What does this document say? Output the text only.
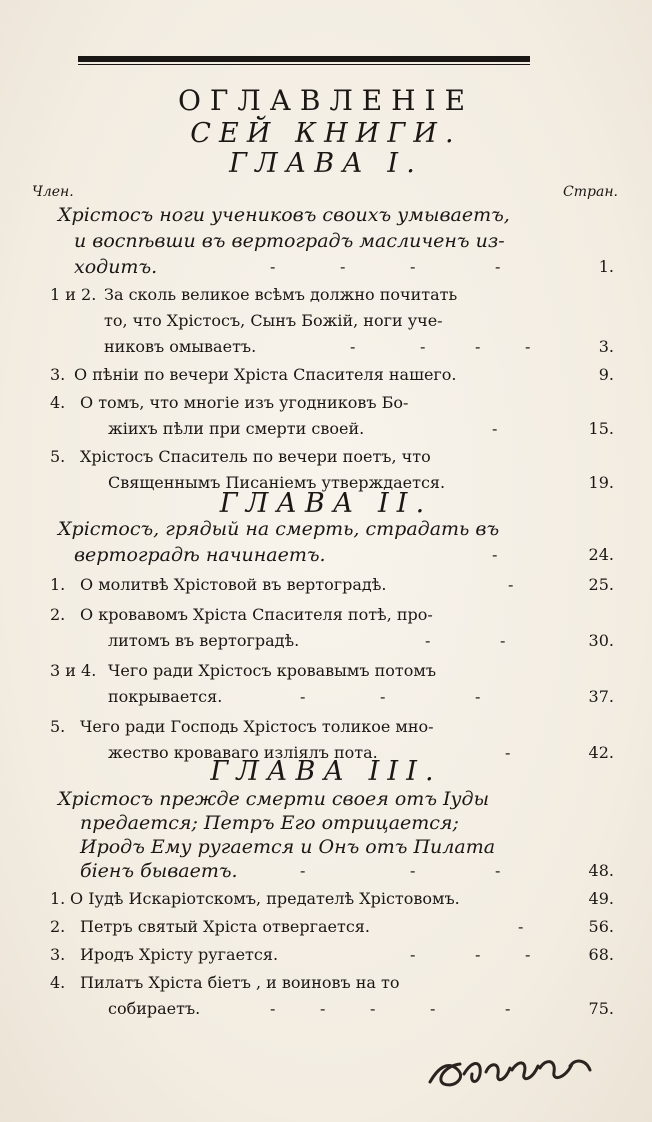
ОГЛАВЛЕНІЕ
СЕЙ КНИГИ.
ГЛАВА І.
Член.	Стран.
Хрістосъ ноги учениковъ своихъ умываетъ,
и воспѣвши въ вертоградъ масличенъ из-
ходитъ.	-	-	-	-	1.
1 и 2. За сколь великое всѣмъ должно почитать
то, что Хрістосъ, Сынъ Божій, ноги уче-
никовъ омываетъ.	-	-	-	-	3.
3. О пѣніи по вечери Хріста Спасителя нашего.	9.
4. О томъ, что многіе изъ угодниковъ Бо-
жіихъ пѣли при смерти своей.	-	15.
5. Хрістосъ Спаситель по вечери поетъ, что
Священнымъ Писаніемъ утверждается.	19.
ГЛАВА II.
Хрістосъ, грядый на смерть, страдать въ
вертоградѣ начинаетъ.	-	24.
1. О молитвѣ Хрістовой въ вертоградѣ.	-	25.
2. О кровавомъ Хріста Спасителя потѣ, про-
литомъ въ вертоградѣ.	-	-	30.
3 и 4. Чего ради Хрістосъ кровавымъ потомъ
покрывается.	-	-	-	37.
5. Чего ради Господь Хрістосъ толикое мно-
жество кроваваго изліялъ пота.	-	42.
ГЛАВА III.
Хрістосъ прежде смерти своея отъ Іуды
предается; Петръ Его отрицается;
Иродъ Ему ругается и Онъ отъ Пилата
біенъ бываетъ.	-	-	-	48.
1. О Іудѣ Искаріотскомъ, предателѣ Хрістовомъ.	49.
2. Петръ святый Хріста отвергается.	-	56.
3. Иродъ Хрісту ругается.	-	-	-	68.
4. Пилатъ Хріста біетъ , и воиновъ на то
собираетъ.	-	-	-	-	-	75.
